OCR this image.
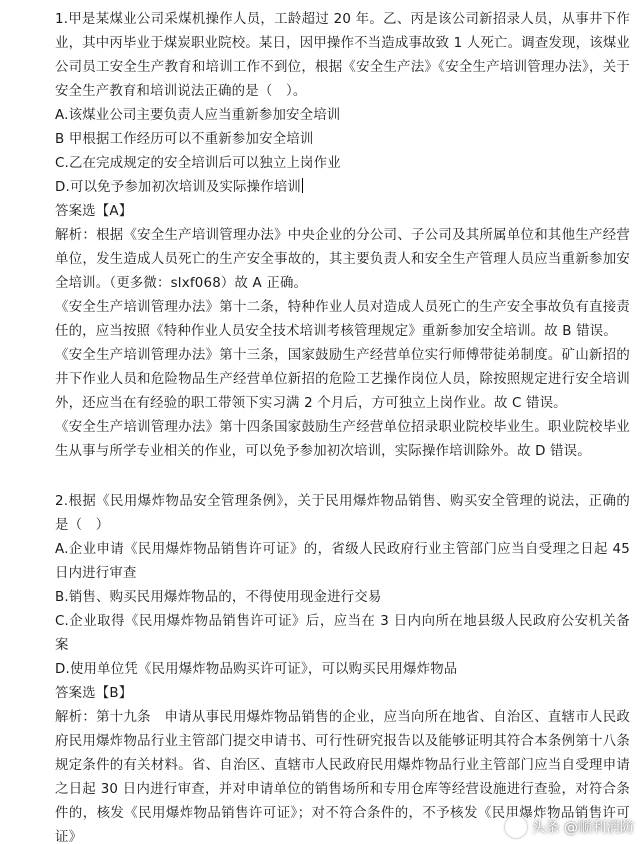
1.甲是某煤业公司采煤机操作人员，工龄超过 20 年。乙、丙是该公司新招录人员，从事井下作业，其中丙毕业于煤炭职业院校。某日，因甲操作不当造成事故致 1 人死亡。调查发现，该煤业公司员工安全生产教育和培训工作不到位，根据《安全生产法》《安全生产培训管理办法》，关于安全生产教育和培训说法正确的是（　）。

A.该煤业公司主要负责人应当重新参加安全培训

B 甲根据工作经历可以不重新参加安全培训

C.乙在完成规定的安全培训后可以独立上岗作业

D.可以免予参加初次培训及实际操作培训

答案选【A】

解析：根据《安全生产培训管理办法》中央企业的分公司、子公司及其所属单位和其他生产经营单位，发生造成人员死亡的生产安全事故的，其主要负责人和安全生产管理人员应当重新参加安全培训。（更多微：slxf068）故 A 正确。

《安全生产培训管理办法》第十二条，特种作业人员对造成人员死亡的生产安全事故负有直接责任的，应当按照《特种作业人员安全技术培训考核管理规定》重新参加安全培训。故 B 错误。

《安全生产培训管理办法》第十三条，国家鼓励生产经营单位实行师傅带徒弟制度。矿山新招的井下作业人员和危险物品生产经营单位新招的危险工艺操作岗位人员，除按照规定进行安全培训外，还应当在有经验的职工带领下实习满 2 个月后，方可独立上岗作业。故 C 错误。

《安全生产培训管理办法》第十四条国家鼓励生产经营单位招录职业院校毕业生。职业院校毕业生从事与所学专业相关的作业，可以免予参加初次培训，实际操作培训除外。故 D 错误。

2.根据《民用爆炸物品安全管理条例》，关于民用爆炸物品销售、购买安全管理的说法，正确的是（　）

A.企业申请《民用爆炸物品销售许可证》的，省级人民政府行业主管部门应当自受理之日起 45 日内进行审查

B.销售、购买民用爆炸物品的，不得使用现金进行交易

C.企业取得《民用爆炸物品销售许可证》后，应当在 3 日内向所在地县级人民政府公安机关备案

D.使用单位凭《民用爆炸物品购买许可证》，可以购买民用爆炸物品

答案选【B】

解析：第十九条　申请从事民用爆炸物品销售的企业，应当向所在地省、自治区、直辖市人民政府民用爆炸物品行业主管部门提交申请书、可行性研究报告以及能够证明其符合本条例第十八条规定条件的有关材料。省、自治区、直辖市人民政府民用爆炸物品行业主管部门应当自受理申请之日起 30 日内进行审查，并对申请单位的销售场所和专用仓库等经营设施进行查验，对符合条件的，核发《民用爆炸物品销售许可证》；对不符合条件的，不予核发《民用爆炸物品销售许可证》

头条 @顺利消防
